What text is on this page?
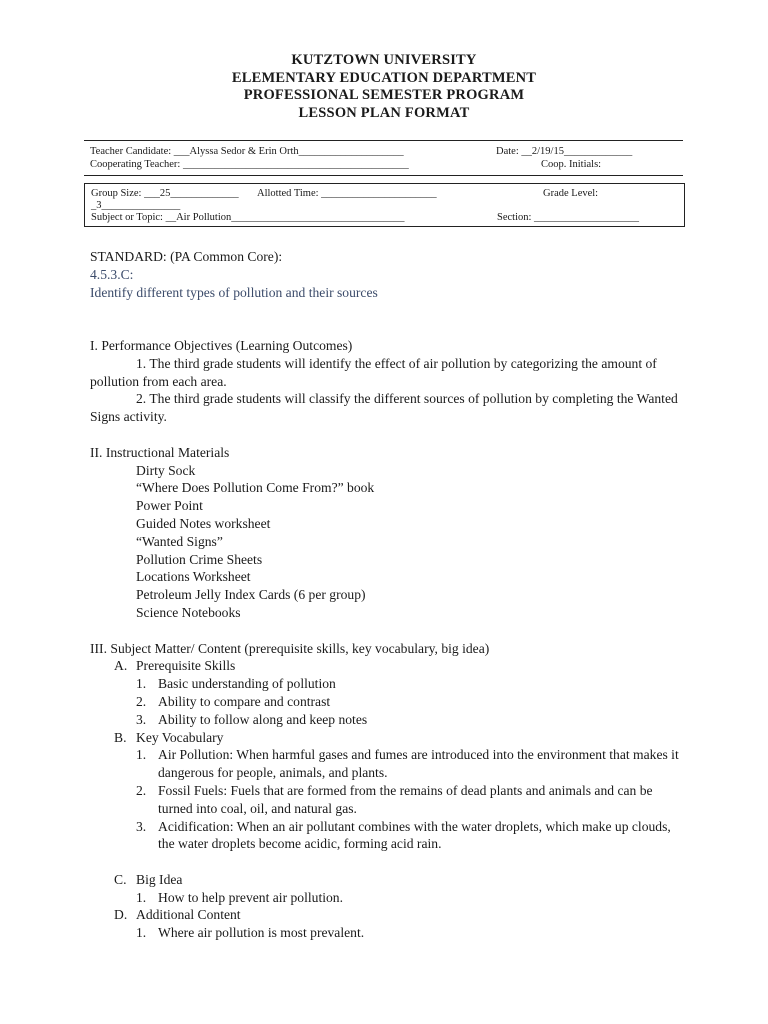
KUTZTOWN UNIVERSITY
ELEMENTARY EDUCATION DEPARTMENT
PROFESSIONAL SEMESTER PROGRAM
LESSON PLAN FORMAT
Teacher Candidate: ___Alyssa Sedor & Erin Orth____________________	Date: __2/19/15_____________
Cooperating Teacher: ___________________________________________	Coop. Initials:
Group Size: ___25_____________ Allotted Time: ______________________	Grade Level:
_3_______________
Subject or Topic: __Air Pollution_________________________________	Section: ____________________

STANDARD: (PA Common Core):

4.5.3.C:

Identify different types of pollution and their sources

I. Performance Objectives (Learning Outcomes)

1. The third grade students will identify the effect of air pollution by categorizing the amount of pollution from each area.

2. The third grade students will classify the different sources of pollution by completing the Wanted Signs activity.

II. Instructional Materials

Dirty Sock

“Where Does Pollution Come From?” book

Power Point

Guided Notes worksheet

“Wanted Signs”

Pollution Crime Sheets

Locations Worksheet

Petroleum Jelly Index Cards (6 per group)

Science Notebooks

III. Subject Matter/ Content (prerequisite skills, key vocabulary, big idea)

A. Prerequisite Skills

1. Basic understanding of pollution

2. Ability to compare and contrast

3. Ability to follow along and keep notes

B. Key Vocabulary

1. Air Pollution: When harmful gases and fumes are introduced into the environment that makes it dangerous for people, animals, and plants.

2. Fossil Fuels: Fuels that are formed from the remains of dead plants and animals and can be turned into coal, oil, and natural gas.

3. Acidification: When an air pollutant combines with the water droplets, which make up clouds, the water droplets become acidic, forming acid rain.

C. Big Idea

1. How to help prevent air pollution.

D. Additional Content

1. Where air pollution is most prevalent.
